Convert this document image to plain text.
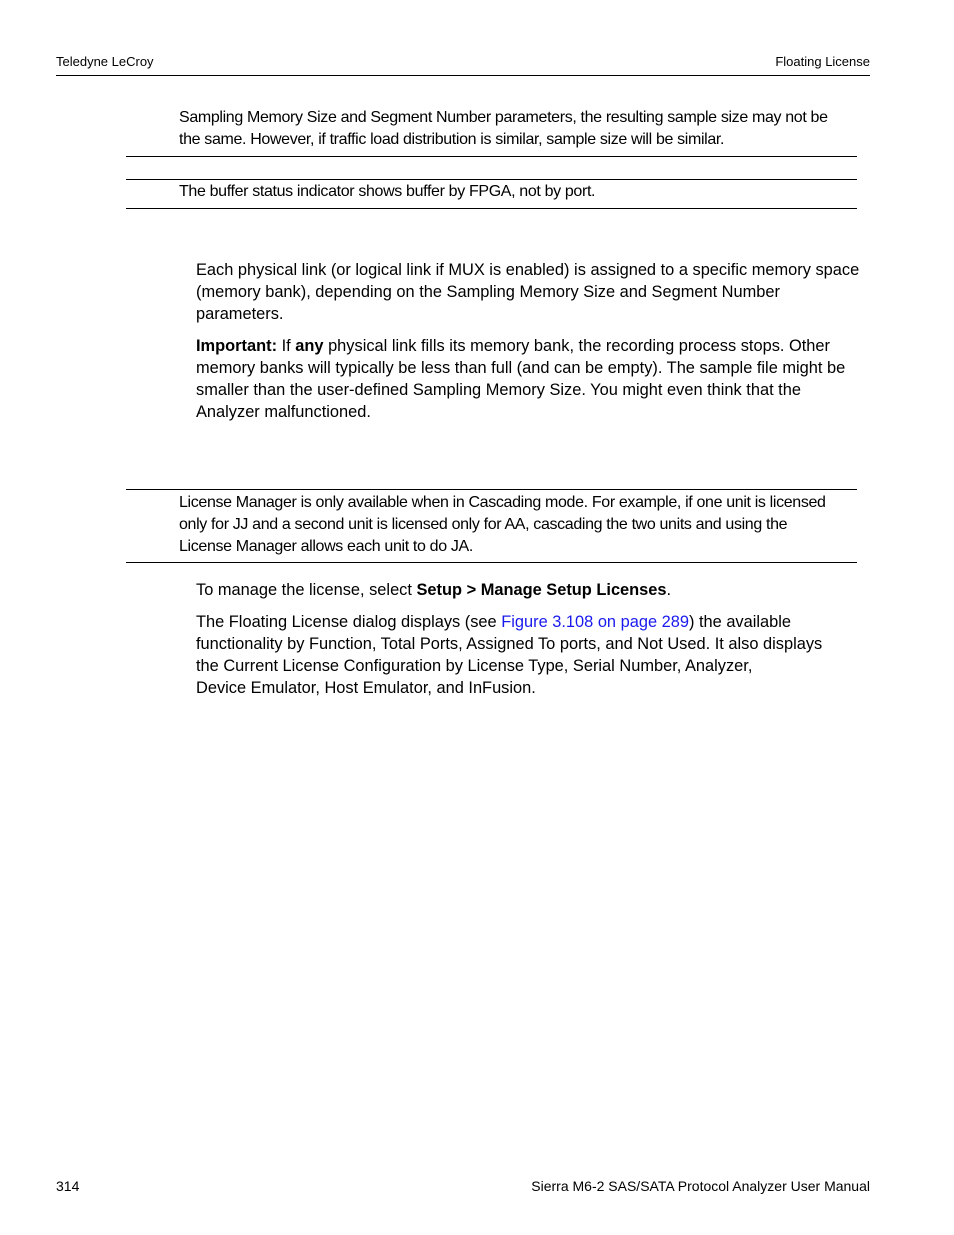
Teledyne LeCroy	Floating License
Sampling Memory Size and Segment Number parameters, the resulting sample size may not be
the same. However, if traffic load distribution is similar, sample size will be similar.
The buffer status indicator shows buffer by FPGA, not by port.
Each physical link (or logical link if MUX is enabled) is assigned to a specific memory space
(memory bank), depending on the Sampling Memory Size and Segment Number
parameters.
Important: If any physical link fills its memory bank, the recording process stops. Other
memory banks will typically be less than full (and can be empty). The sample file might be
smaller than the user-defined Sampling Memory Size. You might even think that the
Analyzer malfunctioned.
License Manager is only available when in Cascading mode. For example, if one unit is licensed
only for JJ and a second unit is licensed only for AA, cascading the two units and using the
License Manager allows each unit to do JA.
To manage the license, select Setup > Manage Setup Licenses.
The Floating License dialog displays (see Figure 3.108 on page 289) the available
functionality by Function, Total Ports, Assigned To ports, and Not Used. It also displays
the Current License Configuration by License Type, Serial Number, Analyzer,
Device Emulator, Host Emulator, and InFusion.
314	Sierra M6-2 SAS/SATA Protocol Analyzer User Manual
